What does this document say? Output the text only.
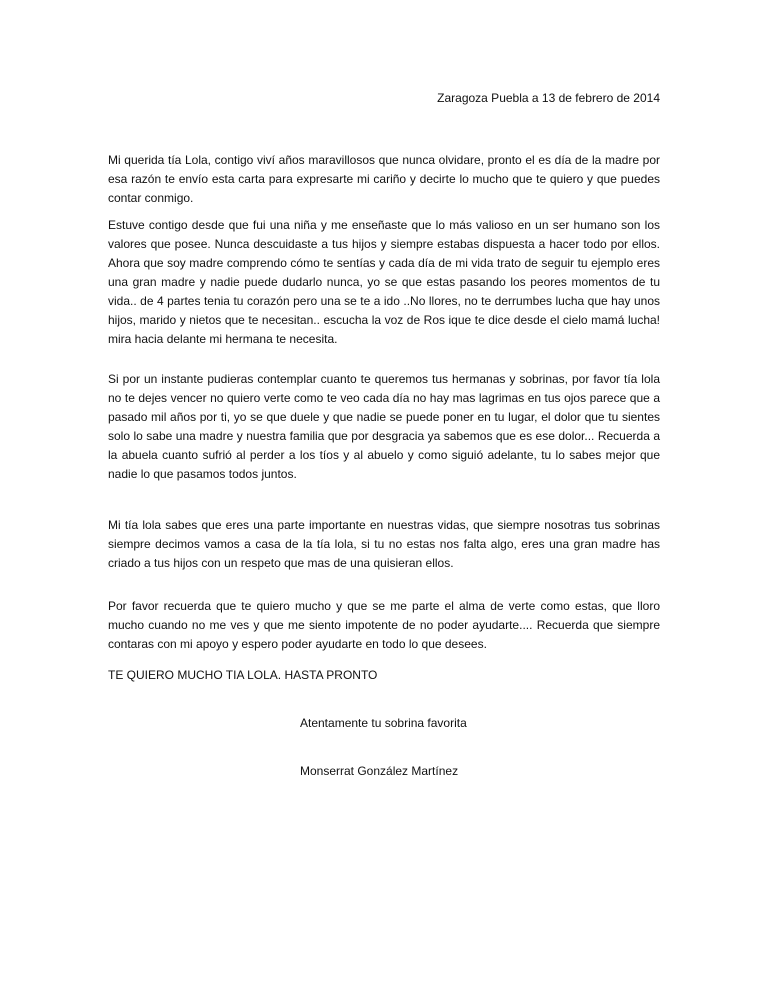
Zaragoza Puebla a 13 de febrero de 2014

Mi querida tía Lola, contigo viví años maravillosos que nunca olvidare, pronto el es día de la madre por esa razón te envío esta carta para expresarte mi cariño y decirte lo mucho que te quiero y que puedes contar conmigo.

Estuve contigo desde que fui una niña y me enseñaste que lo más valioso en un ser humano son los valores que posee. Nunca descuidaste a tus hijos y siempre estabas dispuesta a hacer todo por ellos. Ahora que soy madre comprendo cómo te sentías y cada día de mi vida trato de seguir tu ejemplo eres una gran madre y nadie puede dudarlo nunca, yo se que estas pasando los peores momentos de tu vida.. de 4 partes tenia tu corazón pero una se te a ido ..No llores, no te derrumbes lucha que hay unos hijos, marido y nietos que te necesitan.. escucha la voz de Ros ique te dice desde el cielo mamá lucha! mira hacia delante mi hermana te necesita.

Si por un instante pudieras contemplar cuanto te queremos tus hermanas y sobrinas, por favor tía lola no te dejes vencer no quiero verte como te veo cada día no hay mas lagrimas en tus ojos parece que a pasado mil años por ti, yo se que duele y que nadie se puede poner en tu lugar, el dolor que tu sientes solo lo sabe una madre y nuestra familia que por desgracia ya sabemos que es ese dolor... Recuerda a la abuela cuanto sufrió al perder a los tíos y al abuelo y como siguió adelante, tu lo sabes mejor que nadie lo que pasamos todos juntos.

Mi tía lola sabes que eres una parte importante en nuestras vidas, que siempre nosotras tus sobrinas siempre decimos vamos a casa de la tía lola, si tu no estas nos falta algo, eres una gran madre has criado a tus hijos con un respeto que mas de una quisieran ellos.

Por favor recuerda que te quiero mucho y que se me parte el alma de verte como estas, que lloro mucho cuando no me ves y que me siento impotente de no poder ayudarte.... Recuerda que siempre contaras con mi apoyo y espero poder ayudarte en todo lo que desees.

TE QUIERO MUCHO TIA LOLA. HASTA PRONTO
Atentamente tu sobrina favorita
Monserrat González Martínez
